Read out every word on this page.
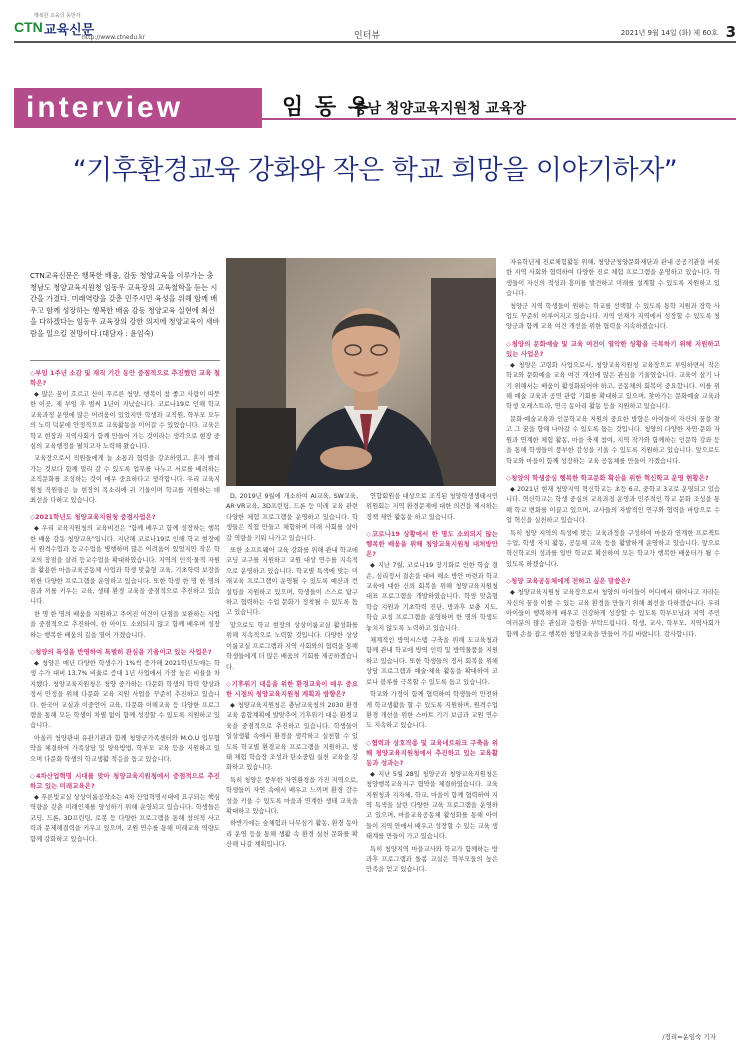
행복한 교육의 동반자
CTN 교육신문
http://www.ctnedu.kr	인터뷰	2021년 9월 14일 (화) 제 60호 3
interview	임 동 우
충남 청양교육지원청 교육장
“기후환경교육 강화와 작은 학교 희망을 이야기하자”
CTN교육신문은 행복한 배움, 감동 청양교육을 이루가는 충청남도 청양교육지원청 임동우 교육장의 교육철학을 듣는 시간을 가졌다. 미래역량을 갖춘 민주시민 육성을 위해 함께 배우고 함께 성장하는 행복한 배움 감동 청양교육 실현에 최선을 다하겠다는 임동우 교육장의 강한 의지에 청양교육이 새바람을 일으킬 전망이다.(대담자 : 윤임숙)
◇부임 1주년 소감 및 재직 기간 동안 중점적으로 추진했던 교육 철학은?

◆ 많은 꿈이 흐르고 산이 푸르른 청양, 행복이 참 좋고 사람이 따뜻한 이곳, 제 부임 후 벌써 1년이 지났습니다. 코로나19로 인해 학교 교육과정 운영에 많은 어려움이 있었지만 학생과 교직원, 학부모 모두의 노력 덕분에 안정적으로 교육활동을 이어갈 수 있었습니다. 교육은 학교 현장과 지역사회가 함께 만들어 가는 것이라는 생각으로 현장 중심의 교육행정을 펼치고자 노력해 왔습니다.

교육장으로서 직원들에게 늘 소통과 협력을 강조하였고, 혼자 빨리 가는 것보다 함께 멀리 갈 수 있도록 업무를 나누고 서로를 배려하는 조직문화를 조성하는 것이 매우 중요하다고 생각합니다. 우리 교육지원청 직원들은 늘 현장의 목소리에 귀 기울이며 학교를 지원하는 데 최선을 다하고 있습니다.

◇2021학년도 청양교육지원청 중점사업은?

◆ 우리 교육지원청의 교육비전은 "함께 배우고 함께 성장하는 행복한 배움 감동 청양교육"입니다. 지난해 코로나19로 인해 학교 현장에서 원격수업과 등교수업을 병행하며 많은 어려움이 있었지만 작은 학교의 장점을 살려 등교수업을 확대하였습니다. 지역의 인적·물적 자원을 활용한 마을교육공동체 사업과 학생 맞춤형 교육, 기초학력 보장을 위한 다양한 프로그램을 운영하고 있습니다. 또한 학생 한 명 한 명의 꿈과 끼를 키우는 교육, 생태 환경 교육을 중점적으로 추진하고 있습니다.

한 명 한 명의 배움을 지원하고 주어진 여건이 단점을 보완하는 사업을 중점적으로 추진하여, 한 아이도 소외되지 않고 함께 배우며 성장하는 행복한 배움의 길을 열어 가겠습니다.

◇청양의 특성을 반영하여 특별히 관심을 기울이고 있는 사업은?

◆ 청양은 매년 다양한 학생수가 1%씩 증가해 2021학년도에는 학생 수가 대비 13.7% 비율로 증대 1년 사업에서 가장 높은 비율을 차지했다. 청양교육지원청은 청양 중가하는 다문화 학생의 학력 향상과 정서 안정을 위해 다문화 교육 지원 사업을 꾸준히 추진하고 있습니다. 한국어 교실과 이중언어 교육, 다문화 이해교육 등 다양한 프로그램을 통해 모든 학생이 차별 없이 함께 성장할 수 있도록 지원하고 있습니다.

아울러 청양관내 유관기관과 함께 청양군가족센터와 M.O.U 업무협약을 체결하여 가족상담 및 양육방법, 학부모 교육 등을 지원하고 있으며 다문화 학생의 학교생활 적응을 돕고 있습니다.

◇4차산업혁명 시대를 맞아 청양교육지원청에서 중점적으로 추진하고 있는 미래교육은?

◆ 푸른빛교실 상상이룸공작소는 4차 산업혁명시대에 요구되는 핵심역량을 갖춘 미래인재를 양성하기 위해 운영되고 있습니다. 학생들은 코딩, 드론, 3D프린팅, 로봇 등 다양한 프로그램을 통해 창의적 사고력과 문제해결력을 키우고 있으며, 교원 연수를 통해 미래교육 역량도 함께 강화하고 있습니다.

D, 2019년 9월에 개소하여 AI교육, SW교육, AR·VR교육, 3D프린팅, 드론 등 미래 교육 관련 다양한 체험 프로그램을 운영하고 있습니다. 학생들은 직접 만들고 체험하며 미래 사회를 살아갈 역량을 키워 나가고 있습니다.

또한 소프트웨어 교육 강화를 위해 관내 학교에 코딩 교구를 지원하고 교원 대상 연수를 지속적으로 운영하고 있습니다. 학교별 특색에 맞는 미래교육 프로그램이 운영될 수 있도록 예산과 컨설팅을 지원하고 있으며, 학생들이 스스로 탐구하고 협력하는 수업 문화가 정착될 수 있도록 돕고 있습니다.

앞으로도 학교 현장의 상상이룸교실 활성화를 위해 지속적으로 노력할 것입니다. 다양한 상상이룸교실 프로그램과 지역 사회와의 협력을 통해 학생들에게 더 많은 배움의 기회를 제공하겠습니다.

◇기후위기 대응을 위한 환경교육이 매우 중요한 시점의 청양교육지원청 계획과 방향은?

◆ 청양교육지원청은 충남교육청의 2030 환경교육 종합계획에 발맞추어 기후위기 대응 환경교육을 중점적으로 추진하고 있습니다. 학생들이 일상생활 속에서 환경을 생각하고 실천할 수 있도록 학교별 환경교육 프로그램을 지원하고, 생태 체험 학습장 조성과 탄소중립 실천 교육을 강화하고 있습니다.

특히 청양은 풍부한 자연환경을 가진 지역으로, 학생들이 자연 속에서 배우고 느끼며 환경 감수성을 키울 수 있도록 마을과 연계한 생태 교육을 확대하고 있습니다.

하반기에는 숲체험과 나무심기 활동, 환경 동아리 운영 등을 통해 생활 속 환경 실천 문화를 확산해 나갈 계획입니다.

연합회원을 대상으로 조직된 청양학생생태시민위원회는 지역 환경문제에 대한 의견을 제시하는 정책 제안 활동을 하고 있습니다.

◇코로나19 상황에서 한 명도 소외되지 않는 행복한 배움을 위해 청양교육지원청 대처방안은?

◆ 지난 7월, 코로나19 장기화로 인한 학습 결손, 심리정서 결손을 대비 해소 방안 마련과 학교교육에 대한 신뢰 회복을 위해 청양교육지원청 대표 프로그램을 개발하였습니다. 학생 맞춤형 학습 지원과 기초학력 진단, 방과후 보충 지도, 학습 코칭 프로그램을 운영하며 한 명의 학생도 놓치지 않도록 노력하고 있습니다.

체계적인 방역시스템 구축을 위해 도교육청과 함께 관내 학교에 방역 인력 및 방역물품을 지원하고 있습니다. 또한 학생들의 정서 회복을 위해 상담 프로그램과 예술·체육 활동을 확대하여 코로나 블루를 극복할 수 있도록 돕고 있습니다.

학교와 가정이 함께 협력하여 학생들이 안전하게 학교생활을 할 수 있도록 지원하며, 원격수업 환경 개선을 위한 스마트 기기 보급과 교원 연수도 지속하고 있습니다.

◇협력과 상호작용 및 교육네트워크 구축을 위해 청양교육지원청에서 추진하고 있는 교육활동과 성과는?

◆ 지난 5월 28일 청양군과 청양교육지원청은 청양행복교육지구 협약을 체결하였습니다. 교육지원청과 지자체, 학교, 마을이 함께 협력하여 지역 특색을 살린 다양한 교육 프로그램을 운영하고 있으며, 마을교육공동체 활성화를 통해 아이들이 지역 안에서 배우고 성장할 수 있는 교육 생태계를 만들어 가고 있습니다.

특히 청양지역 마을교사와 학교가 함께하는 방과후 프로그램과 돌봄 교실은 학부모들의 높은 만족을 얻고 있습니다.

자유학년제 진로체험활동 위해, 청양군청양문화재단과 관내 공공기관을 비롯한 지역 사회와 협력하여 다양한 진로 체험 프로그램을 운영하고 있습니다. 학생들이 자신의 적성과 흥미를 발견하고 미래를 설계할 수 있도록 지원하고 있습니다.

청양군 지역 학생들이 원하는 학교를 선택할 수 있도록 통학 지원과 장학 사업도 꾸준히 이루어지고 있습니다. 지역 인재가 지역에서 성장할 수 있도록 청양군과 함께 교육 여건 개선을 위한 협력을 지속하겠습니다.

◇청양의 문화예술 및 교육 여건이 열악한 상황을 극복하기 위해 지원하고 있는 사업은?

◆ 청양은 고령화 사업으로서, 청양교육지원청 교육장으로 부임하면서 작은 학교와 문화예술 교육 여건 개선에 많은 관심을 기울였습니다. 교육이 살기 나기 위해서는 배움이 활성화되어야 하고, 공동체의 회복이 중요합니다. 이를 위해 예술 교육과 공연 관람 기회를 확대하고 있으며, 찾아가는 문화예술 교육과 학생 오케스트라, 연극 동아리 활동 등을 지원하고 있습니다.

문화·예술교육과 인문학교육 지원의 중요한 방향은 아이들이 자신의 꿈을 찾고 그 꿈을 향해 나아갈 수 있도록 돕는 것입니다. 청양의 다양한 자연·문화 자원과 연계한 체험 활동, 마을 축제 참여, 지역 작가와 함께하는 인문학 강좌 등을 통해 학생들이 풍부한 감성을 키울 수 있도록 지원하고 있습니다. 앞으로도 학교와 마을이 함께 성장하는 교육 공동체를 만들어 가겠습니다.

◇청양의 학생중심 행복한 학교문화 확산을 위한 혁신학교 운영 현황은?

◆ 2021년 현재 청양지역 혁신학교는 초등 6교, 중학교 3교로 운영되고 있습니다. 혁신학교는 학생 중심의 교육과정 운영과 민주적인 학교 문화 조성을 통해 학교 변화를 이끌고 있으며, 교사들의 자발적인 연구와 협력을 바탕으로 수업 혁신을 실천하고 있습니다.

특히 청양 지역의 특성에 맞는 교육과정을 구성하여 마을과 연계한 프로젝트 수업, 학생 자치 활동, 공동체 교육 등을 활발하게 운영하고 있습니다. 앞으로 혁신학교의 성과를 일반 학교로 확산하여 모든 학교가 행복한 배움터가 될 수 있도록 하겠습니다.

◇청양 교육공동체에게 전하고 싶은 말씀은?

◆ 청양교육지원청 교육장으로서 청양의 아이들이 어디에서 태어나고 자라든 자신의 꿈을 이룰 수 있는 교육 환경을 만들기 위해 최선을 다하겠습니다. 우리 아이들이 행복하게 배우고 건강하게 성장할 수 있도록 학부모님과 지역 주민 여러분의 많은 관심과 응원을 부탁드립니다. 학생, 교사, 학부모, 지역사회가 함께 손을 잡고 행복한 청양교육을 만들어 가길 바랍니다. 감사합니다.

/정리=윤임숙 기자
